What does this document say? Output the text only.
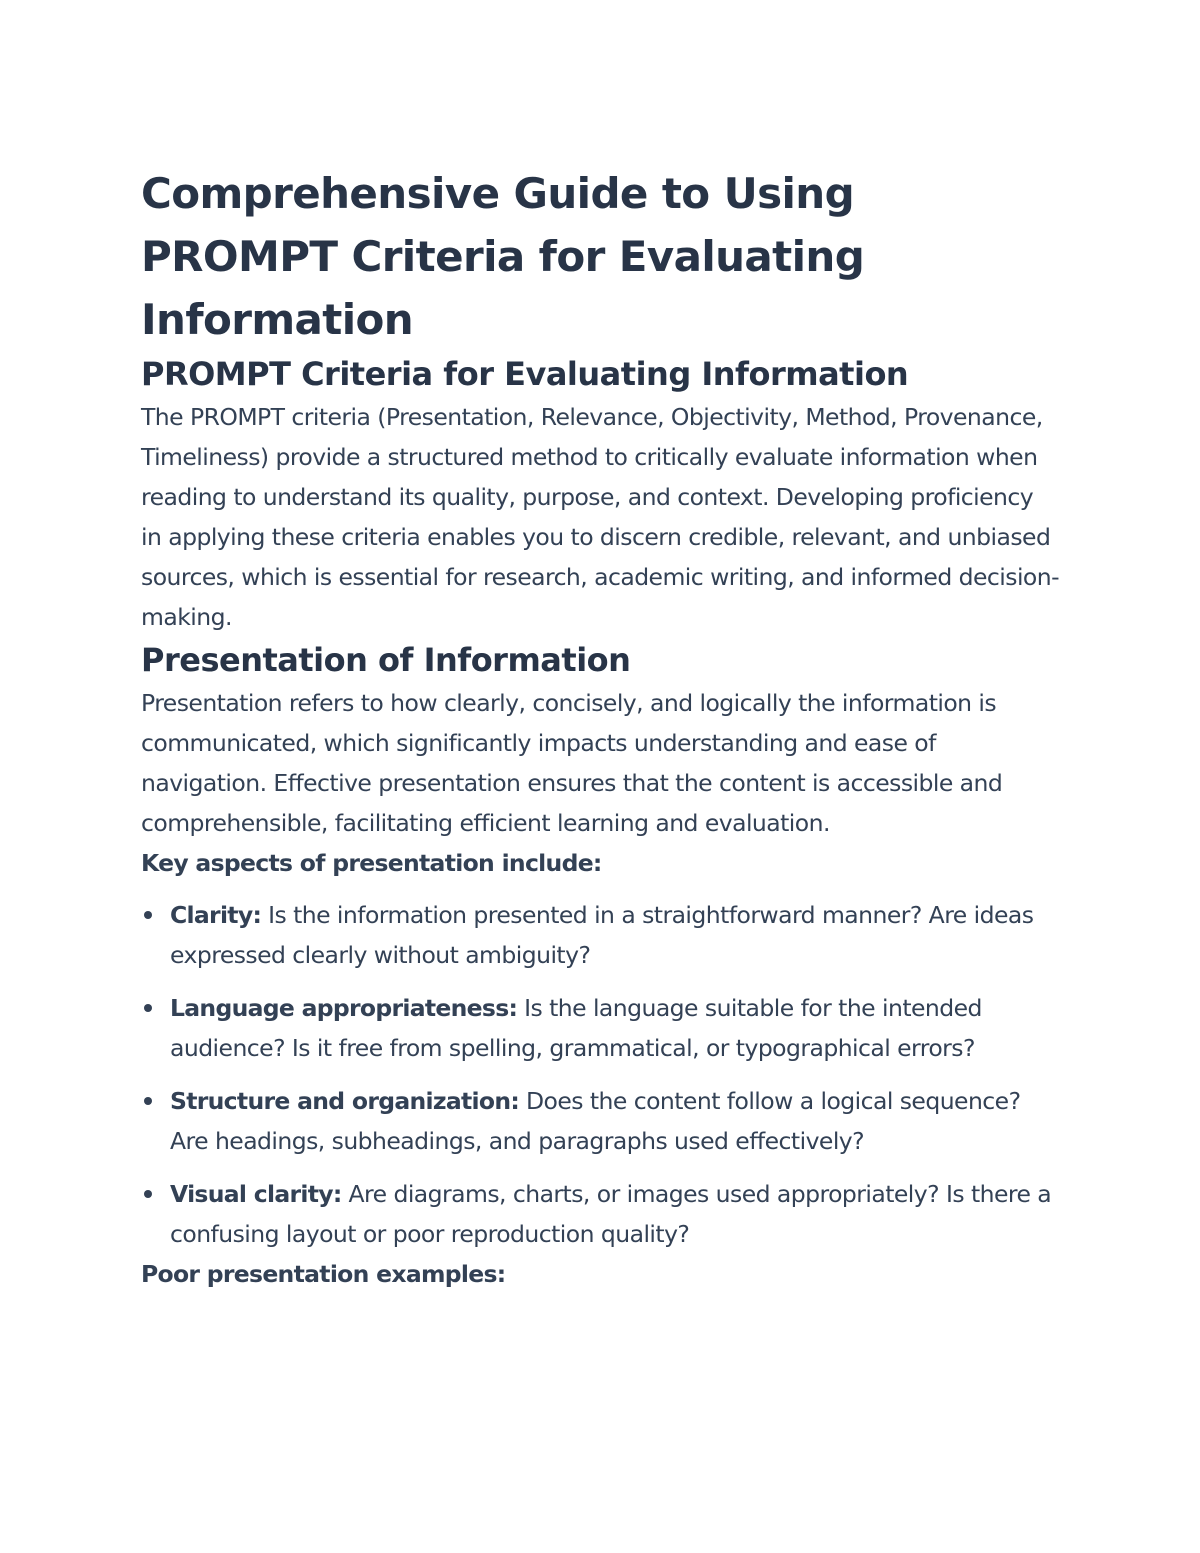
Comprehensive Guide to Using PROMPT Criteria for Evaluating Information
PROMPT Criteria for Evaluating Information

The PROMPT criteria (Presentation, Relevance, Objectivity, Method, Provenance, Timeliness) provide a structured method to critically evaluate information when reading to understand its quality, purpose, and context. Developing proficiency in applying these criteria enables you to discern credible, relevant, and unbiased sources, which is essential for research, academic writing, and informed decision-making.

Presentation of Information

Presentation refers to how clearly, concisely, and logically the information is communicated, which significantly impacts understanding and ease of navigation. Effective presentation ensures that the content is accessible and comprehensible, facilitating efficient learning and evaluation.

Key aspects of presentation include:

Clarity: Is the information presented in a straightforward manner? Are ideas expressed clearly without ambiguity?
Language appropriateness: Is the language suitable for the intended audience? Is it free from spelling, grammatical, or typographical errors?
Structure and organization: Does the content follow a logical sequence? Are headings, subheadings, and paragraphs used effectively?
Visual clarity: Are diagrams, charts, or images used appropriately? Is there a confusing layout or poor reproduction quality?

Poor presentation examples:
